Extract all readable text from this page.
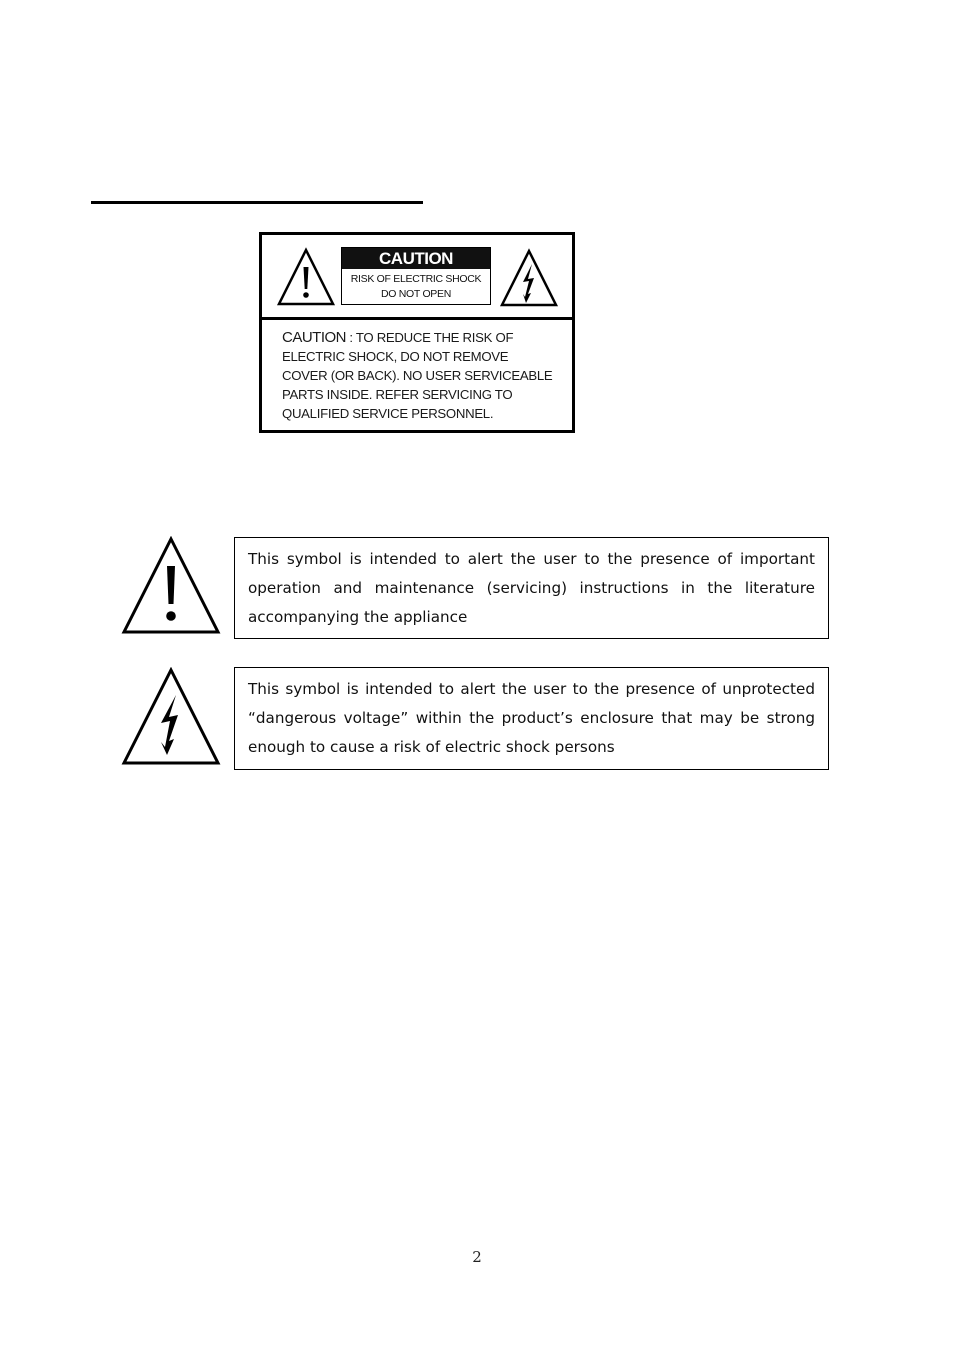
CAUTION
RISK OF ELECTRIC SHOCK
DO NOT OPEN
CAUTION : TO REDUCE THE RISK OF
ELECTRIC SHOCK, DO NOT REMOVE
COVER (OR BACK). NO USER SERVICEABLE
PARTS INSIDE. REFER SERVICING TO
QUALIFIED SERVICE PERSONNEL.
This symbol is intended to alert the user to the presence of important operation and maintenance (servicing) instructions in the literature accompanying the appliance
This symbol is intended to alert the user to the presence of unprotected “dangerous voltage” within the product’s enclosure that may be strong enough to cause a risk of electric shock persons
2
